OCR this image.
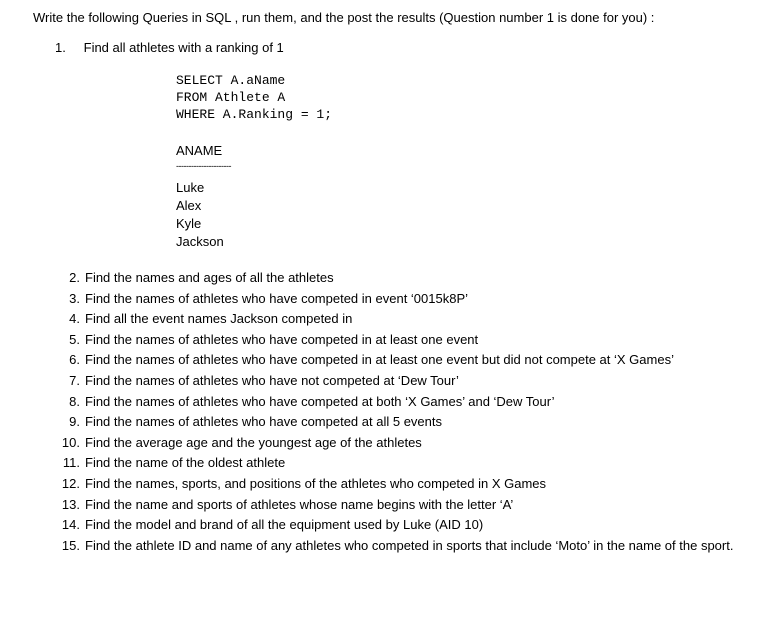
Write the following Queries in SQL , run them, and the post the results (Question number 1 is done for you) :
1. Find all athletes with a ranking of 1
SELECT A.aName
FROM Athlete A
WHERE A.Ranking = 1;
ANAME
----------------------
Luke
Alex
Kyle
Jackson
2. Find the names and ages of all the athletes
3. Find the names of athletes who have competed in event ‘0015k8P’
4. Find all the event names Jackson competed in
5. Find the names of athletes who have competed in at least one event
6. Find the names of athletes who have competed in at least one event but did not compete at ‘X Games’
7. Find the names of athletes who have not competed at ‘Dew Tour’
8. Find the names of athletes who have competed at both ‘X Games’ and ‘Dew Tour’
9. Find the names of athletes who have competed at all 5 events
10. Find the average age and the youngest age of the athletes
11. Find the name of the oldest athlete
12. Find the names, sports, and positions of the athletes who competed in X Games
13. Find the name and sports of athletes whose name begins with the letter ‘A’
14. Find the model and brand of all the equipment used by Luke (AID 10)
15. Find the athlete ID and name of any athletes who competed in sports that include ‘Moto’ in the name of the sport.
